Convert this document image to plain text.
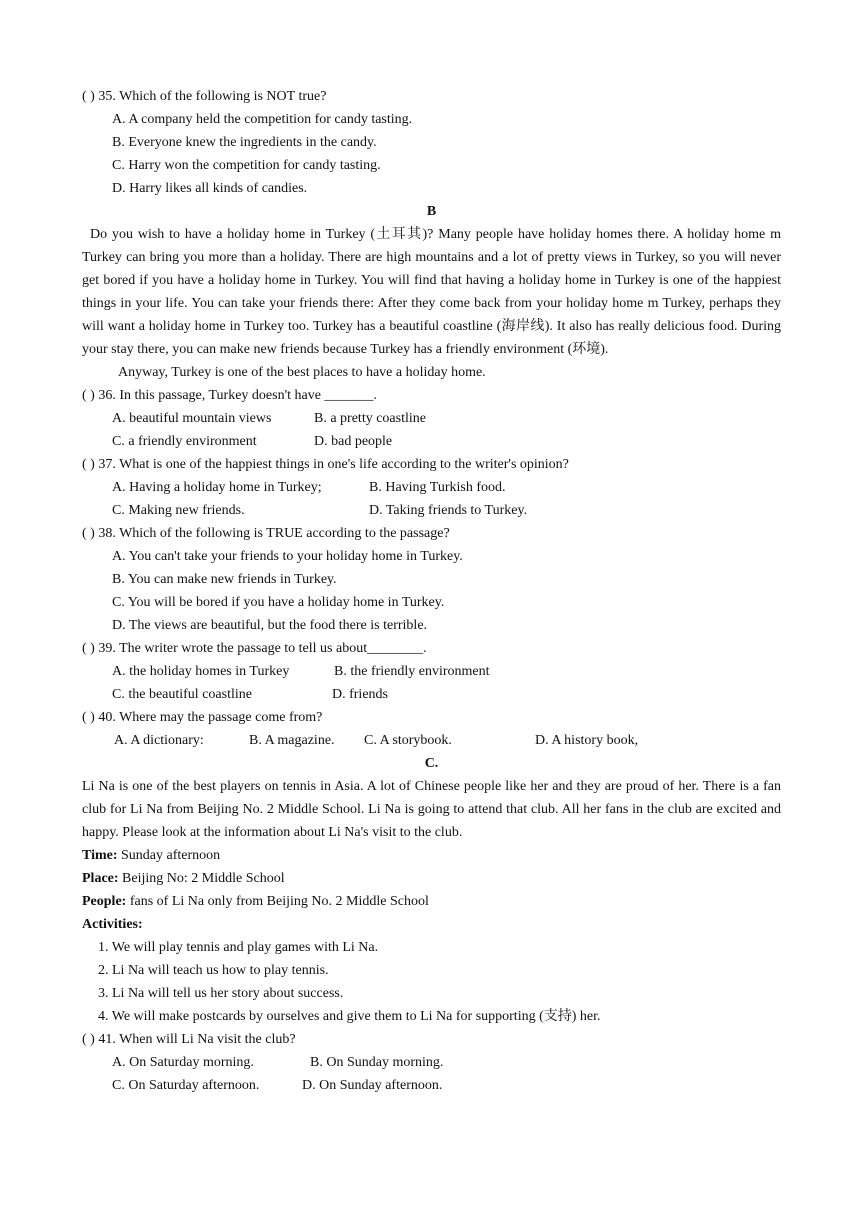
( ) 35. Which of the following is NOT true?
A. A company held the competition for candy tasting.
B. Everyone knew the ingredients in the candy.
C. Harry won the competition for candy tasting.
D. Harry likes all kinds of candies.
B
Do you wish to have a holiday home in Turkey (土耳其)? Many people have holiday homes there. A holiday home m Turkey can bring you more than a holiday. There are high mountains and a lot of pretty views in Turkey, so you will never get bored if you have a holiday home in Turkey. You will find that having a holiday home in Turkey is one of the happiest things in your life. You can take your friends there: After they come back from your holiday home m Turkey, perhaps they will want a holiday home in Turkey too. Turkey has a beautiful coastline (海岸线). It also has really delicious food. During your stay there, you can make new friends because Turkey has a friendly environment (环境).
Anyway, Turkey is one of the best places to have a holiday home.
( ) 36. In this passage, Turkey doesn't have _______.
A. beautiful mountain views	B. a pretty coastline
C. a friendly environment	D. bad people
( ) 37. What is one of the happiest things in one's life according to the writer's opinion?
A. Having a holiday home in Turkey;	B. Having Turkish food.
C. Making new friends.	D. Taking friends to Turkey.
( ) 38. Which of the following is TRUE according to the passage?
A. You can't take your friends to your holiday home in Turkey.
B. You can make new friends in Turkey.
C. You will be bored if you have a holiday home in Turkey.
D. The views are beautiful, but the food there is terrible.
( ) 39. The writer wrote the passage to tell us about________.
A. the holiday homes in Turkey	B. the friendly environment
C. the beautiful coastline	D. friends
( ) 40. Where may the passage come from?
A. A dictionary:	B. A magazine.	C. A storybook.	D. A history book,
C.
Li Na is one of the best players on tennis in Asia. A lot of Chinese people like her and they are proud of her. There is a fan club for Li Na from Beijing No. 2 Middle School. Li Na is going to attend that club. All her fans in the club are excited and happy. Please look at the information about Li Na's visit to the club.
Time: Sunday afternoon
Place: Beijing No: 2 Middle School
People: fans of Li Na only from Beijing No. 2 Middle School
Activities:
1. We will play tennis and play games with Li Na.
2. Li Na will teach us how to play tennis.
3. Li Na will tell us her story about success.
4. We will make postcards by ourselves and give them to Li Na for supporting (支持) her.
( ) 41. When will Li Na visit the club?
A. On Saturday morning.	B. On Sunday morning.
C. On Saturday afternoon.	D. On Sunday afternoon.
